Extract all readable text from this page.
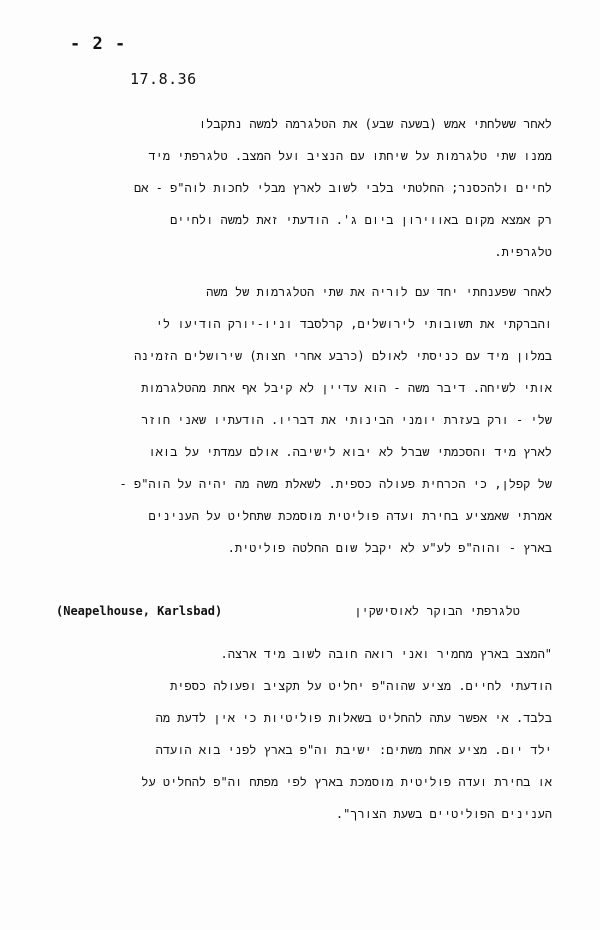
- 2 -
17.8.36
לאחר ששלחתי אמש (בשעה שבע) את הטלגרמה למשה נתקבלו
ממנו שתי טלגרמות על שיחתו עם הנציב ועל המצב. טלגרפתי מיד
לחיים ולהכסנר; החלטתי בלבי לשוב לארץ מבלי לחכות לוה"פ - אם
רק אמצא מקום באווירון ביום ג'. הודעתי זאת למשה ולחיים
טלגרפית.
לאחר שפענחתי יחד עם לוריה את שתי הטלגרמות של משה
והברקתי את תשובותי לירושלים, קרלסבד וניו-יורק הודיעו לי
במלון מיד עם כניסתי לאולם (כרבע אחרי חצות) שירושלים הזמינה
אותי לשיחה. דיבר משה - הוא עדיין לא קיבל אף אחת מהטלגרמות
שלי - ורק בעזרת יומני הבינותי את דבריו. הודעתיו שאני חוזר
לארץ מיד והסכמתי שברל לא יבוא לישיבה. אולם עמדתי על בואו
של קפלן, כי הכרחית פעולה כספית. לשאלת משה מה יהיה על הוה"פ -
אמרתי שאמציע בחירת ועדה פוליטית מוסמכת שתחליט על הענינים
בארץ - והוה"פ לע"ע לא יקבל שום החלטה פוליטית.
טלגרפתי הבוקר לאוסישקין
(Neapelhouse, Karlsbad)
"המצב בארץ מחמיר ואני רואה חובה לשוב מיד ארצה.
הודעתי לחיים. מציע שהוה"פ יחליט על תקציב ופעולה כספית
בלבד. אי אפשר עתה להחליט בשאלות פוליטיות כי אין לדעת מה
ילד יום. מציע אחת משתים: ישיבת וה"פ בארץ לפני בוא הועדה
או בחירת ועדה פוליטית מוסמכת בארץ לפי מפתח וה"פ להחליט על
הענינים הפוליטיים בשעת הצורך".
